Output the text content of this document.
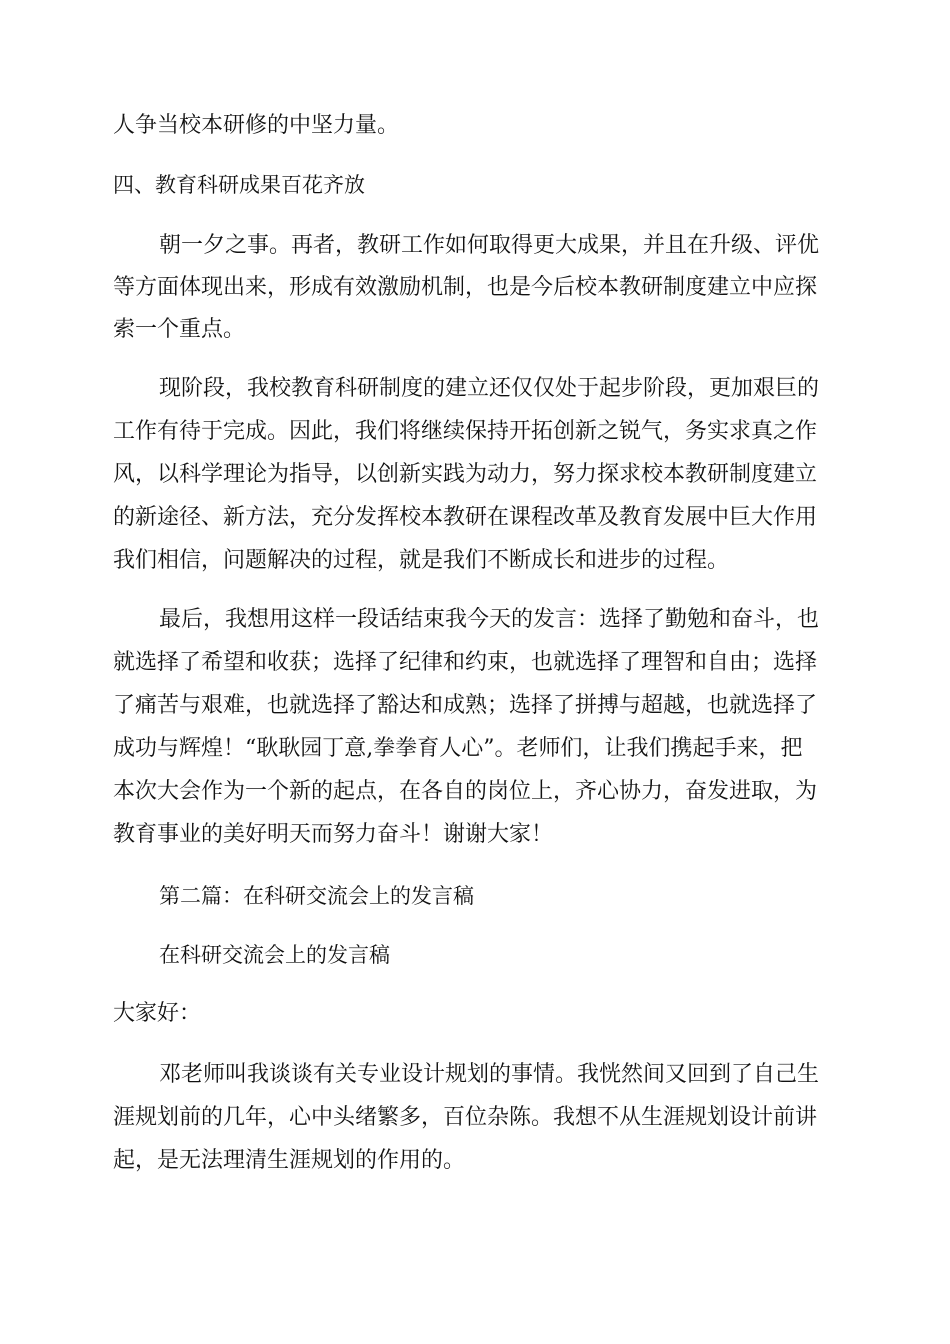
人争当校本研修的中坚力量。

四、教育科研成果百花齐放

朝一夕之事。再者，教研工作如何取得更大成果，并且在升级、评优

等方面体现出来，形成有效激励机制，也是今后校本教研制度建立中应探

索一个重点。

现阶段，我校教育科研制度的建立还仅仅处于起步阶段，更加艰巨的

工作有待于完成。因此，我们将继续保持开拓创新之锐气，务实求真之作

风，以科学理论为指导，以创新实践为动力，努力探求校本教研制度建立

的新途径、新方法，充分发挥校本教研在课程改革及教育发展中巨大作用

我们相信，问题解决的过程，就是我们不断成长和进步的过程。

最后，我想用这样一段话结束我今天的发言：选择了勤勉和奋斗，也

就选择了希望和收获；选择了纪律和约束，也就选择了理智和自由；选择

了痛苦与艰难，也就选择了豁达和成熟；选择了拼搏与超越，也就选择了

成功与辉煌！“耿耿园丁意,拳拳育人心”。老师们，让我们携起手来，把

本次大会作为一个新的起点，在各自的岗位上，齐心协力，奋发进取，为

教育事业的美好明天而努力奋斗！谢谢大家！

第二篇：在科研交流会上的发言稿

在科研交流会上的发言稿

大家好：

邓老师叫我谈谈有关专业设计规划的事情。我恍然间又回到了自己生

涯规划前的几年，心中头绪繁多，百位杂陈。我想不从生涯规划设计前讲

起，是无法理清生涯规划的作用的。
